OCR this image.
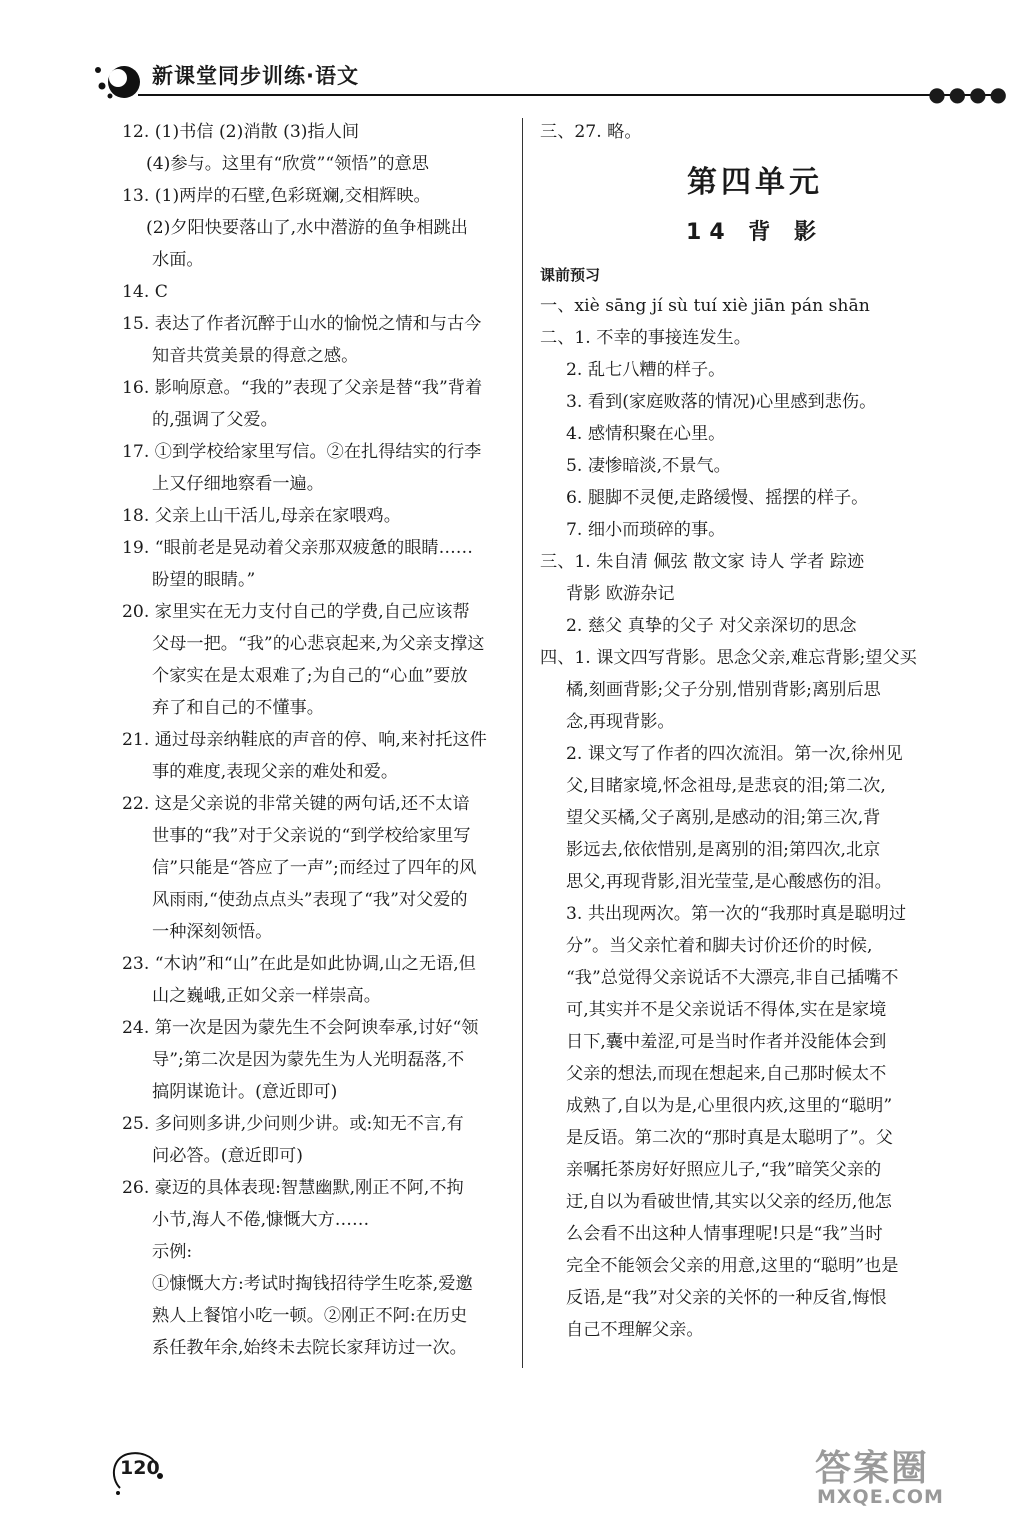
新课堂同步训练·语文
●●●●
12. (1)书信 (2)消散 (3)指人间
(4)参与。这里有“欣赏”“领悟”的意思
13. (1)两岸的石壁,色彩斑斓,交相辉映。
(2)夕阳快要落山了,水中潜游的鱼争相跳出
水面。
14. C
15. 表达了作者沉醉于山水的愉悦之情和与古今
知音共赏美景的得意之感。
16. 影响原意。“我的”表现了父亲是替“我”背着
的,强调了父爱。
17. ①到学校给家里写信。②在扎得结实的行李
上又仔细地察看一遍。
18. 父亲上山干活儿,母亲在家喂鸡。
19. “眼前老是晃动着父亲那双疲惫的眼睛……
盼望的眼睛。”
20. 家里实在无力支付自己的学费,自己应该帮
父母一把。“我”的心悲哀起来,为父亲支撑这
个家实在是太艰难了;为自己的“心血”要放
弃了和自己的不懂事。
21. 通过母亲纳鞋底的声音的停、响,来衬托这件
事的难度,表现父亲的难处和爱。
22. 这是父亲说的非常关键的两句话,还不太谙
世事的“我”对于父亲说的“到学校给家里写
信”只能是“答应了一声”;而经过了四年的风
风雨雨,“使劲点点头”表现了“我”对父爱的
一种深刻领悟。
23. “木讷”和“山”在此是如此协调,山之无语,但
山之巍峨,正如父亲一样崇高。
24. 第一次是因为蒙先生不会阿谀奉承,讨好“领
导”;第二次是因为蒙先生为人光明磊落,不
搞阴谋诡计。(意近即可)
25. 多问则多讲,少问则少讲。或:知无不言,有
问必答。(意近即可)
26. 豪迈的具体表现:智慧幽默,刚正不阿,不拘
小节,海人不倦,慷慨大方……
示例:
①慷慨大方:考试时掏钱招待学生吃茶,爱邀
熟人上餐馆小吃一顿。②刚正不阿:在历史
系任教年余,始终未去院长家拜访过一次。
三、27. 略。
第四单元
14 背 影
课前预习
一、xiè sāng jí sù tuí xiè jiān pán shān
二、1. 不幸的事接连发生。
2. 乱七八糟的样子。
3. 看到(家庭败落的情况)心里感到悲伤。
4. 感情积聚在心里。
5. 凄惨暗淡,不景气。
6. 腿脚不灵便,走路缓慢、摇摆的样子。
7. 细小而琐碎的事。
三、1. 朱自清 佩弦 散文家 诗人 学者 踪迹
背影 欧游杂记
2. 慈父 真挚的父子 对父亲深切的思念
四、1. 课文四写背影。思念父亲,难忘背影;望父买
橘,刻画背影;父子分别,惜别背影;离别后思
念,再现背影。
2. 课文写了作者的四次流泪。第一次,徐州见
父,目睹家境,怀念祖母,是悲哀的泪;第二次,
望父买橘,父子离别,是感动的泪;第三次,背
影远去,依依惜别,是离别的泪;第四次,北京
思父,再现背影,泪光莹莹,是心酸感伤的泪。
3. 共出现两次。第一次的“我那时真是聪明过
分”。当父亲忙着和脚夫讨价还价的时候,
“我”总觉得父亲说话不大漂亮,非自己插嘴不
可,其实并不是父亲说话不得体,实在是家境
日下,囊中羞涩,可是当时作者并没能体会到
父亲的想法,而现在想起来,自己那时候太不
成熟了,自以为是,心里很内疚,这里的“聪明”
是反语。第二次的“那时真是太聪明了”。父
亲嘱托茶房好好照应儿子,“我”暗笑父亲的
迂,自以为看破世情,其实以父亲的经历,他怎
么会看不出这种人情事理呢!只是“我”当时
完全不能领会父亲的用意,这里的“聪明”也是
反语,是“我”对父亲的关怀的一种反省,悔恨
自己不理解父亲。
120	答案圈
MXQE.COM
